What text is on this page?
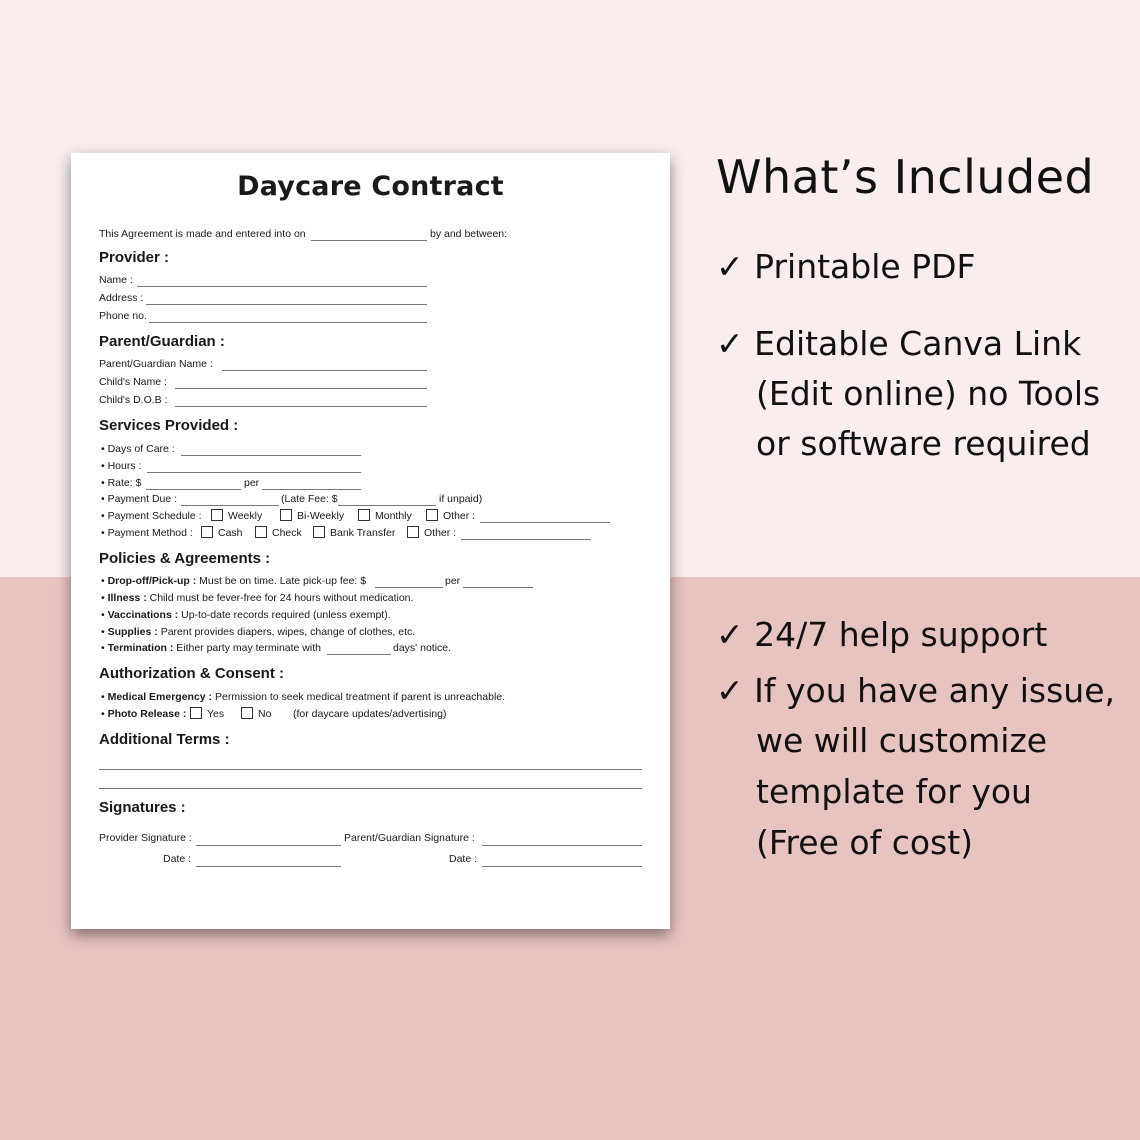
Daycare Contract
This Agreement is made and entered into on	by and between:
Provider :
Name :
Address :
Phone no.
Parent/Guardian :
Parent/Guardian Name :
Child's Name :
Child's D.O.B :
Services Provided :
• Days of Care :
• Hours :
• Rate: $	per
• Payment Due :	(Late Fee: $	if unpaid)
• Payment Schedule :	Weekly	Bi-Weekly	Monthly	Other :
• Payment Method :	Cash	Check	Bank Transfer	Other :
Policies & Agreements :
• Drop-off/Pick-up : Must be on time. Late pick-up fee: $	per
• Illness : Child must be fever-free for 24 hours without medication.
• Vaccinations : Up-to-date records required (unless exempt).
• Supplies : Parent provides diapers, wipes, change of clothes, etc.
• Termination : Either party may terminate with	days' notice.
Authorization & Consent :
• Medical Emergency : Permission to seek medical treatment if parent is unreachable.
• Photo Release :	Yes	No (for daycare updates/advertising)
Additional Terms :
Signatures :
Provider Signature :	Parent/Guardian Signature :
Date :	Date :
What’s Included
✓ Printable PDF
✓ Editable Canva Link
(Edit online) no Tools
or software required
✓ 24/7 help support
✓ If you have any issue,
we will customize
template for you
(Free of cost)
